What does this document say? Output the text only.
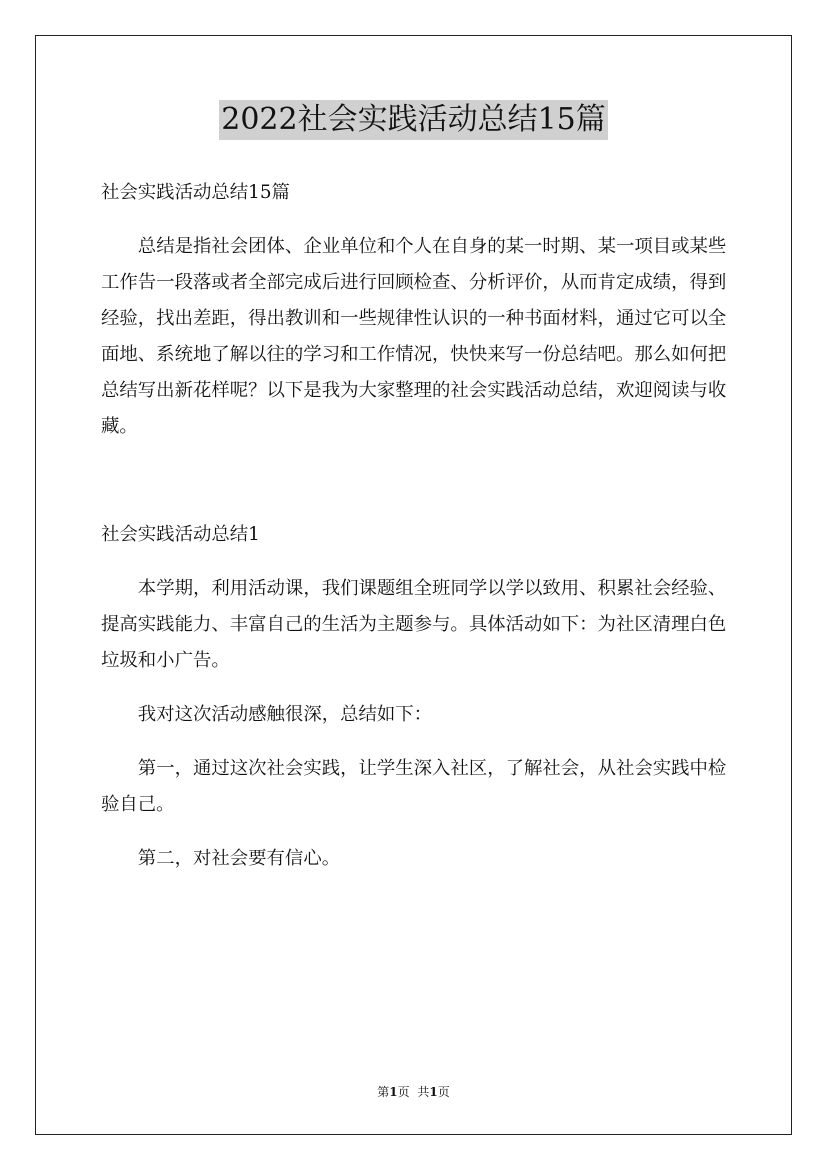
2022社会实践活动总结15篇

社会实践活动总结15篇

总结是指社会团体、企业单位和个人在自身的某一时期、某一项目或某些工作告一段落或者全部完成后进行回顾检查、分析评价，从而肯定成绩，得到经验，找出差距，得出教训和一些规律性认识的一种书面材料，通过它可以全面地、系统地了解以往的学习和工作情况，快快来写一份总结吧。那么如何把总结写出新花样呢？以下是我为大家整理的社会实践活动总结，欢迎阅读与收藏。

社会实践活动总结1

本学期，利用活动课，我们课题组全班同学以学以致用、积累社会经验、提高实践能力、丰富自己的生活为主题参与。具体活动如下：为社区清理白色垃圾和小广告。

我对这次活动感触很深，总结如下：

第一，通过这次社会实践，让学生深入社区，了解社会，从社会实践中检验自己。

第二，对社会要有信心。

第1页 共1页
